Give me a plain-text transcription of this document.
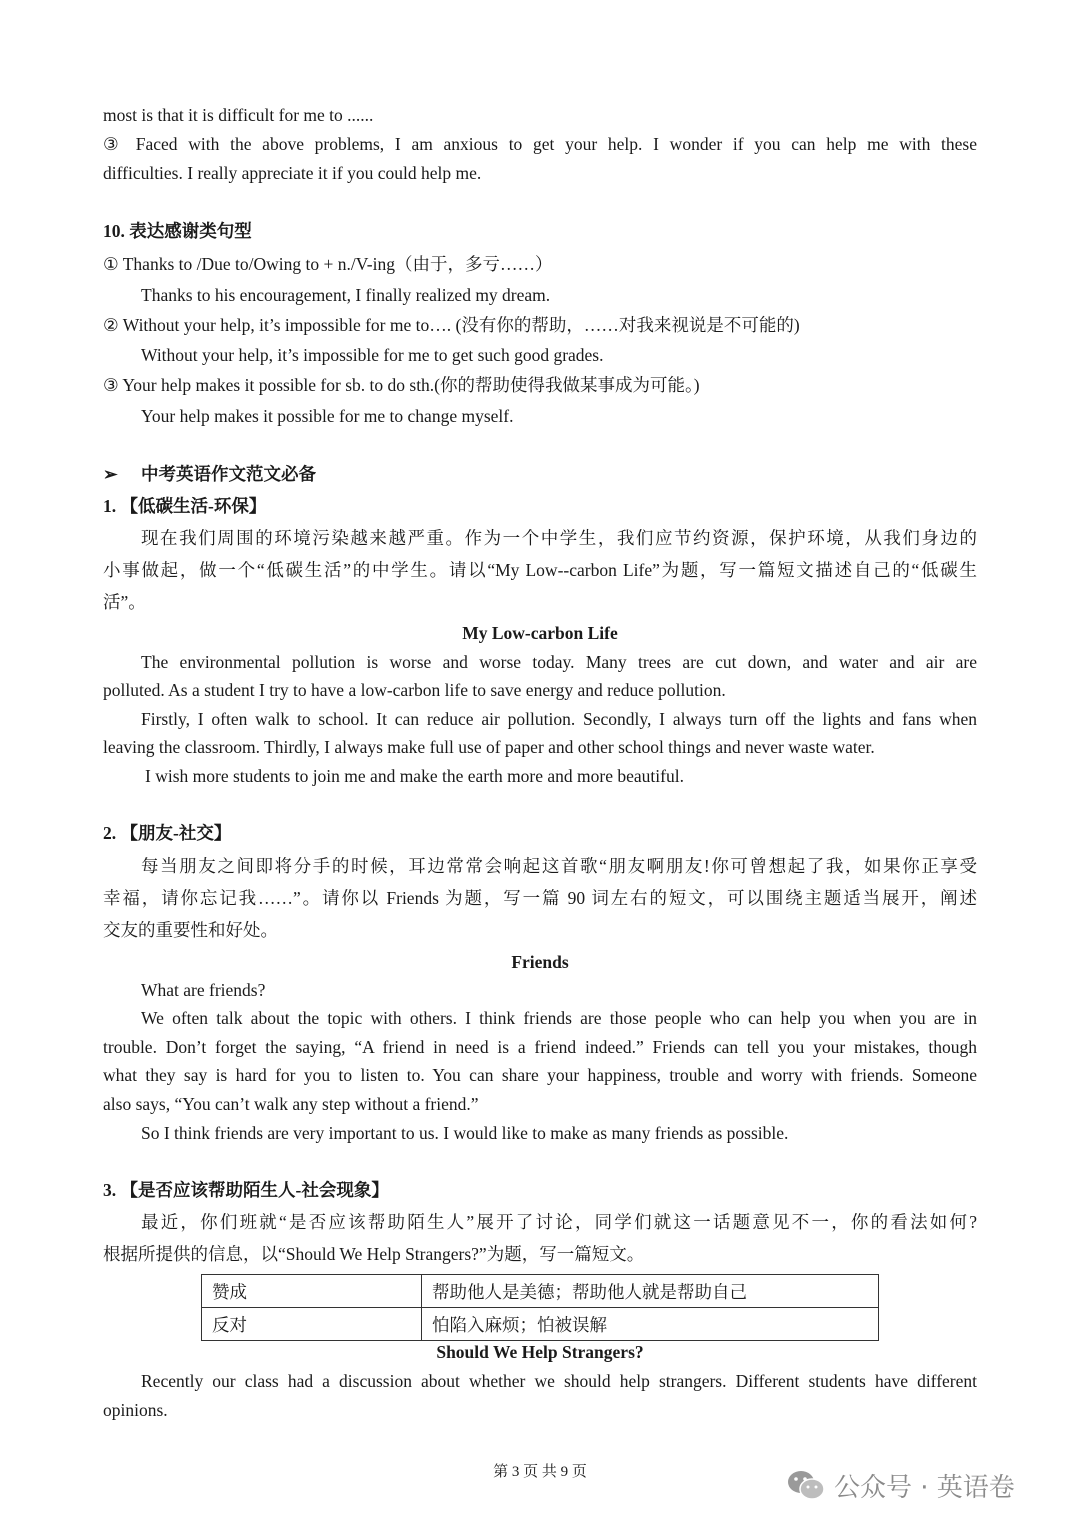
most is that it is difficult for me to ......
③ Faced with the above problems, I am anxious to get your help. I wonder if you can help me with these
difficulties. I really appreciate it if you could help me.
10. 表达感谢类句型
① Thanks to /Due to/Owing to + n./V-ing（由于，多亏……）
Thanks to his encouragement, I finally realized my dream.
② Without your help, it’s impossible for me to…. (没有你的帮助，……对我来视说是不可能的)
Without your help, it’s impossible for me to get such good grades.
③ Your help makes it possible for sb. to do sth.(你的帮助使得我做某事成为可能。)
Your help makes it possible for me to change myself.
➢ 中考英语作文范文必备
1. 【低碳生活-环保】
现在我们周围的环境污染越来越严重。作为一个中学生，我们应节约资源，保护环境，从我们身边的
小事做起，做一个“低碳生活”的中学生。请以“My Low--carbon Life”为题，写一篇短文描述自己的“低碳生
活”。
My Low-carbon Life
The environmental pollution is worse and worse today. Many trees are cut down, and water and air are
polluted. As a student I try to have a low-carbon life to save energy and reduce pollution.
Firstly, I often walk to school. It can reduce air pollution. Secondly, I always turn off the lights and fans when
leaving the classroom. Thirdly, I always make full use of paper and other school things and never waste water.
I wish more students to join me and make the earth more and more beautiful.
2. 【朋友-社交】
每当朋友之间即将分手的时候，耳边常常会响起这首歌“朋友啊朋友!你可曾想起了我，如果你正享受
幸福，请你忘记我……”。请你以 Friends 为题，写一篇 90 词左右的短文，可以围绕主题适当展开，阐述
交友的重要性和好处。
Friends
What are friends?
We often talk about the topic with others. I think friends are those people who can help you when you are in
trouble. Don’t forget the saying, “A friend in need is a friend indeed.” Friends can tell you your mistakes, though
what they say is hard for you to listen to. You can share your happiness, trouble and worry with friends. Someone
also says, “You can’t walk any step without a friend.”
So I think friends are very important to us. I would like to make as many friends as possible.
3. 【是否应该帮助陌生人-社会现象】
最近，你们班就“是否应该帮助陌生人”展开了讨论，同学们就这一话题意见不一，你的看法如何?
根据所提供的信息，以“Should We Help Strangers?”为题，写一篇短文。
赞成	帮助他人是美德；帮助他人就是帮助自己
反对	怕陷入麻烦；怕被误解
Should We Help Strangers?
Recently our class had a discussion about whether we should help strangers. Different students have different
opinions.
第 3 页 共 9 页
公众号 · 英语卷
